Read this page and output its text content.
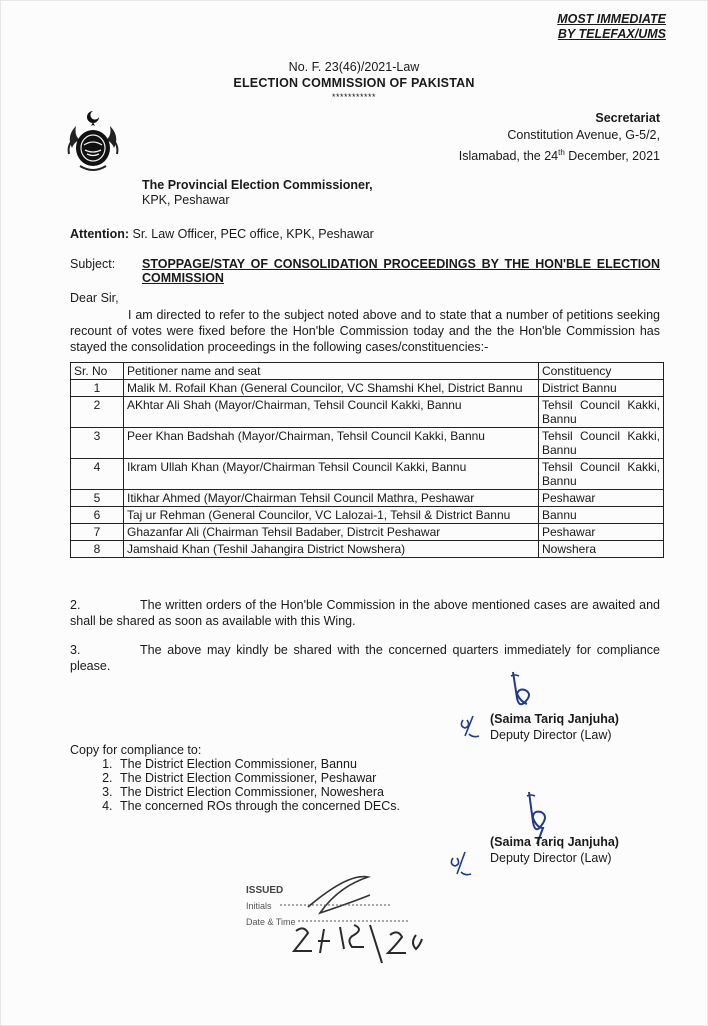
MOST IMMEDIATE
BY TELEFAX/UMS
No. F. 23(46)/2021-Law
ELECTION COMMISSION OF PAKISTAN
***********
Secretariat
Constitution Avenue, G-5/2,
Islamabad, the 24th December, 2021
The Provincial Election Commissioner,
KPK, Peshawar
Attention: Sr. Law Officer, PEC office, KPK, Peshawar
Subject: STOPPAGE/STAY OF CONSOLIDATION PROCEEDINGS BY THE HON'BLE ELECTION COMMISSION
Dear Sir,
I am directed to refer to the subject noted above and to state that a number of petitions seeking recount of votes were fixed before the Hon'ble Commission today and the the Hon'ble Commission has stayed the consolidation proceedings in the following cases/constituencies:-
Sr. No	Petitioner name and seat	Constituency
1	Malik M. Rofail Khan (General Councilor, VC Shamshi Khel, District Bannu	District Bannu
2	AKhtar Ali Shah (Mayor/Chairman, Tehsil Council Kakki, Bannu	Tehsil Council Kakki, Bannu
3	Peer Khan Badshah (Mayor/Chairman, Tehsil Council Kakki, Bannu	Tehsil Council Kakki, Bannu
4	Ikram Ullah Khan (Mayor/Chairman Tehsil Council Kakki, Bannu	Tehsil Council Kakki, Bannu
5	Itikhar Ahmed (Mayor/Chairman Tehsil Council Mathra, Peshawar	Peshawar
6	Taj ur Rehman (General Councilor, VC Lalozai-1, Tehsil & District Bannu	Bannu
7	Ghazanfar Ali (Chairman Tehsil Badaber, Distrcit Peshawar	Peshawar
8	Jamshaid Khan (Teshil Jahangira District Nowshera)	Nowshera
2.	The written orders of the Hon'ble Commission in the above mentioned cases are awaited and shall be shared as soon as available with this Wing.
3.	The above may kindly be shared with the concerned quarters immediately for compliance please.
(Saima Tariq Janjuha)
Deputy Director (Law)
Copy for compliance to:
1. The District Election Commissioner, Bannu
2. The District Election Commissioner, Peshawar
3. The District Election Commissioner, Noweshera
4. The concerned ROs through the concerned DECs.
(Saima Tariq Janjuha)
Deputy Director (Law)
ISSUED
Initials
Date & Time
